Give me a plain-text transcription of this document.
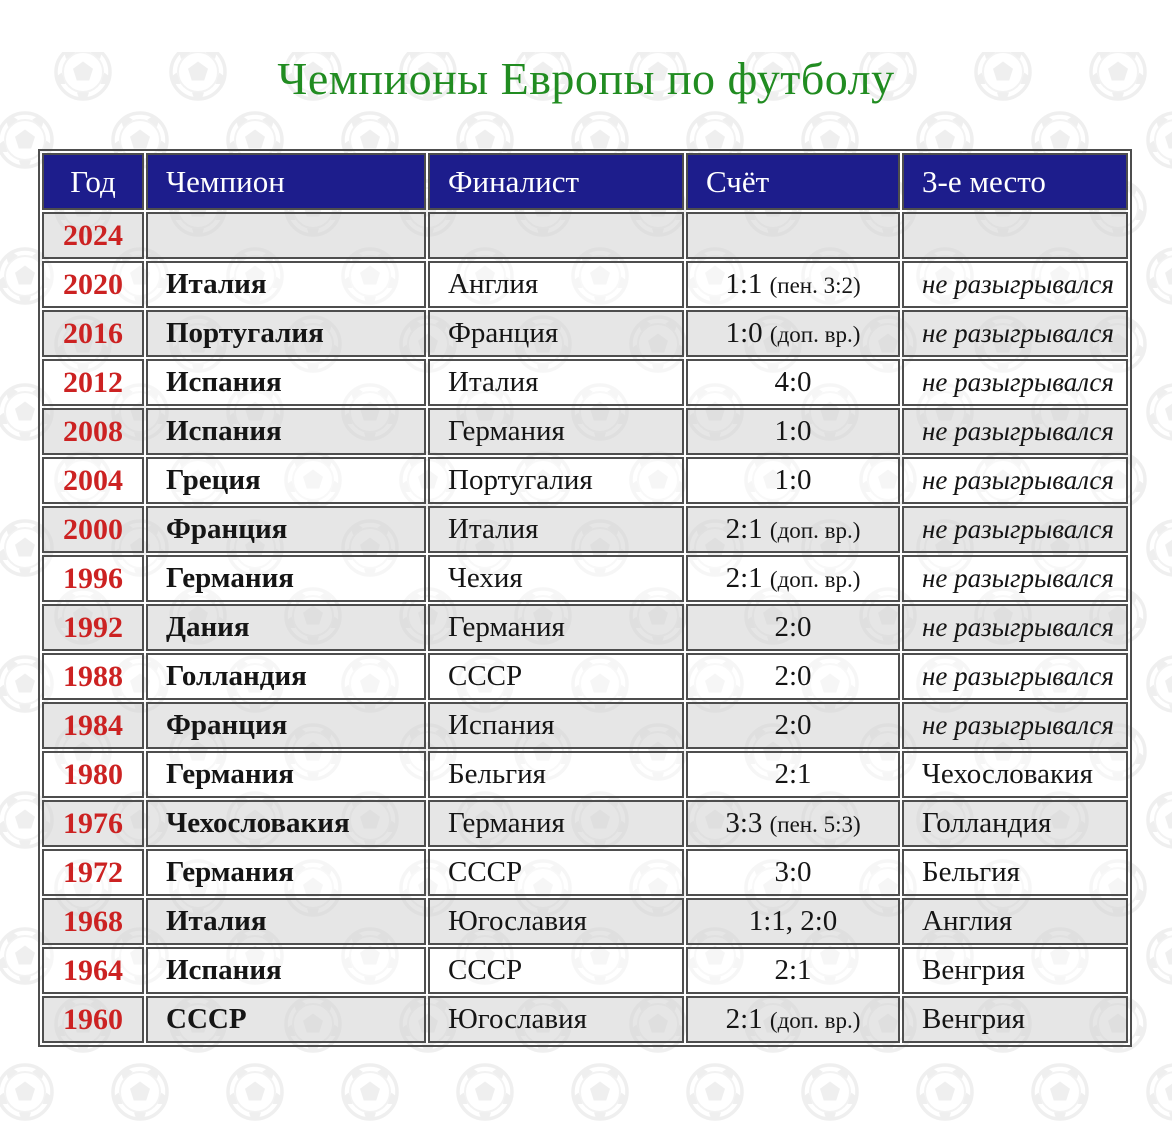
Чемпионы Европы по футболу
Год	Чемпион	Финалист	Счёт	3-е место
2024				
2020	Италия	Англия	1:1 (пен. 3:2)	не разыгрывался
2016	Португалия	Франция	1:0 (доп. вр.)	не разыгрывался
2012	Испания	Италия	4:0	не разыгрывался
2008	Испания	Германия	1:0	не разыгрывался
2004	Греция	Португалия	1:0	не разыгрывался
2000	Франция	Италия	2:1 (доп. вр.)	не разыгрывался
1996	Германия	Чехия	2:1 (доп. вр.)	не разыгрывался
1992	Дания	Германия	2:0	не разыгрывался
1988	Голландия	СССР	2:0	не разыгрывался
1984	Франция	Испания	2:0	не разыгрывался
1980	Германия	Бельгия	2:1	Чехословакия
1976	Чехословакия	Германия	3:3 (пен. 5:3)	Голландия
1972	Германия	СССР	3:0	Бельгия
1968	Италия	Югославия	1:1, 2:0	Англия
1964	Испания	СССР	2:1	Венгрия
1960	СССР	Югославия	2:1 (доп. вр.)	Венгрия
